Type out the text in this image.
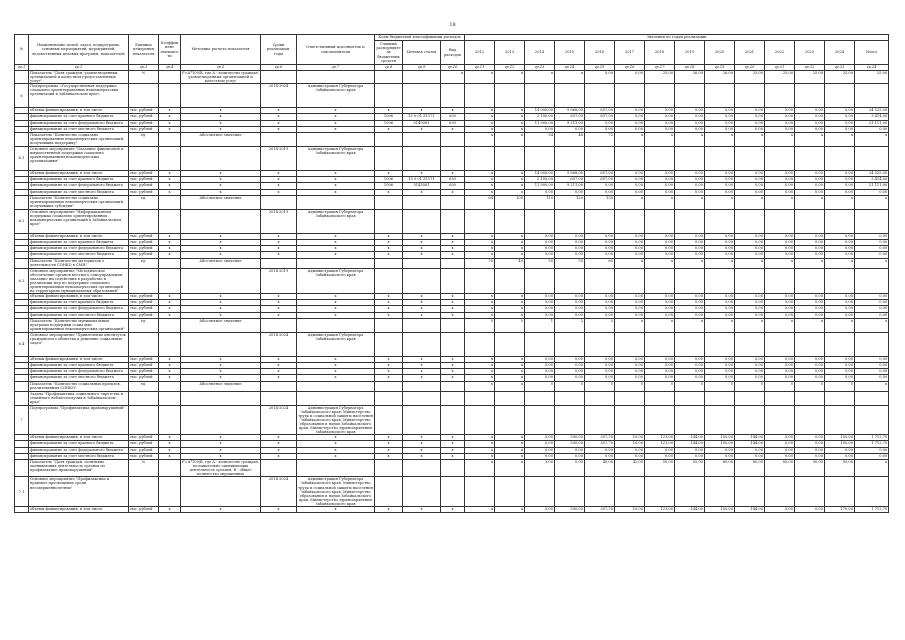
18
№	Наименование целей, задач, подпрограмм, основных мероприятий, мероприятий, ведомственных целевых программ, показателей	Единица измерения показателя	Коэффициент значимости	Методика расчета показателя	Сроки реализации, годы	Ответственный исполнитель и соисполнители	Коды бюджетной классификации расходов			Значения по годам реализации														
							Главный распорядитель бюджетных средств	Целевая статья	Вид расходов	2012	2013	2014	2015	2016	2017	2018	2019	2020	2021	2022	2023	2024	Итого	
гр.1	гр.2	гр.3	гр.4	гр.5	гр.6	гр.7	гр.8	гр.9	гр.10	гр.11	гр.12	гр.13	гр.14	гр.15	гр.16	гр.17	гр.18	гр.19	гр.20	гр.21	гр.22	гр.23	гр.24	
	Показатель "Доля граждан, удовлетворенных организацией и качеством предоставленных услуг"	%		F=A*100/B, где A - количество граждан, удовлетворенных организацией и качеством услуг					x	x	x	x	x	0,00	0,00	25,00	26,00	26,00	25,00	25,00	25,00	25,00	25,00	
6	Подпрограмма «Государственная поддержка социально ориентированных некоммерческих организаций в Забайкальском крае»				2014-2024	Администрация Губернатора Забайкальского края																		
	объемы финансирования, в том числе	тыс. рублей	x	x	x	x	x	x	x	x	x	14 000,00	9 868,00	657,00	0,00	0,00	0,00	0,00	0,00	0,00	0,00	0,00	24 525,00	
	финансирование за счет краевого бюджета	тыс. рублей	x	x	x	x	1006	15 0 01 Z1171	630	x	x	2 100,00	657,00	657,00	0,00	0,00	0,00	0,00	0,00	0,00	0,00	0,00	3 414,00	
	финансирование за счет федерального бюджета	тыс. рублей	x	x	x	x	1006	5145081	630	x	x	11 900,00	9 211,00	0,00	0,00	0,00	0,00	0,00	0,00	0,00	0,00	0,00	21 111,00	
	финансирование за счет местного бюджета	тыс. рублей	x	x	x	x	x	x	x	x	x	0,00	0,00	0,00	0,00	0,00	0,00	0,00	0,00	0,00	0,00	0,00	0,00	
	Показатель "Количество социально ориентированных некоммерческих организаций, получивших поддержку"	ед.		Абсолютное значение						x	x	54	48	72	x	x	x	x	x	x	x	x	x	
6.1	Основное мероприятие "Оказание финансовой и имущественной поддержки социально ориентированным некоммерческим организациям"				2014-2019	Администрация Губернатора Забайкальского края																		
	объемы финансирования, в том числе	тыс. рублей	x	x	x	x	x	x	x	x	x	14 000,00	9 868,00	657,00	0,00	0,00	0,00	0,00	0,00	0,00	0,00	0,00	24 525,00	
	финансирование за счет краевого бюджета	тыс. рублей	x	x	x	x	1006	15 0 01 Z1171	630	x	x	2 100,00	657,00	657,00	0,00	0,00	0,00	0,00	0,00	0,00	0,00	0,00	3 414,00	
	финансирование за счет федерального бюджета	тыс. рублей	x	x	x	x	1006	5145081	630	x	x	11 900,00	9 211,00	0,00	0,00	0,00	0,00	0,00	0,00	0,00	0,00	0,00	21 111,00	
	финансирование за счет местного бюджета	тыс. рублей	x	x	x	x	x	x	x	x	x	0,00	0,00	0,00	0,00	0,00	0,00	0,00	0,00	0,00	0,00	0,00	0,00	
	Показатель "Количество социально ориентированных некоммерческих организаций, получивших субсидии"	ед.		Абсолютное значение						64	100	110	120	130	x	x	x	x	x	x	x	x	x	
6.2	Основное мероприятие "Информационная поддержка социально ориентированных некоммерческих организаций в Забайкальском крае"				2014-2019	Администрация Губернатора Забайкальского края																		
	объемы финансирования, в том числе	тыс. рублей	x	x	x	x	x	x	x	x	x	0,00	0,00	0,00	0,00	0,00	0,00	0,00	0,00	0,00	0,00	0,00	0,00	
	финансирование за счет краевого бюджета	тыс. рублей	x	x	x	x	x	x	x	x	x	0,00	0,00	0,00	0,00	0,00	0,00	0,00	0,00	0,00	0,00	0,00	0,00	
	финансирование за счет федерального бюджета	тыс. рублей	x	x	x	x	x	x	x	x	x	0,00	0,00	0,00	0,00	0,00	0,00	0,00	0,00	0,00	0,00	0,00	0,00	
	финансирование за счет местного бюджета	тыс. рублей	x	x	x	x	x	x	x	x	x	0,00	0,00	0,00	0,00	0,00	0,00	0,00	0,00	0,00	0,00	0,00	0,00	
	Показатель "Количество материалов о деятельности СОНКО в СМИ"	ед.		Абсолютное значение						70	40	50	55	60	x	x	x	x	x	x	x	x	x	
6.3	Основное мероприятие "Методическое обеспечение органов местного самоуправления, оказание им содействия в разработке и реализации мер по поддержке социально ориентированных некоммерческих организаций на территориях муниципальных образований"				2014-2019	Администрация Губернатора Забайкальского края																		
	объемы финансирования, в том числе	тыс. рублей	x	x	x	x	x	x	x	x	x	0,00	0,00	0,00	0,00	0,00	0,00	0,00	0,00	0,00	0,00	0,00	0,00	
	финансирование за счет краевого бюджета	тыс. рублей	x	x	x	x	x	x	x	x	x	0,00	0,00	0,00	0,00	0,00	0,00	0,00	0,00	0,00	0,00	0,00	0,00	
	финансирование за счет федерального бюджета	тыс. рублей	x	x	x	x	x	x	x	x	x	0,00	0,00	0,00	0,00	0,00	0,00	0,00	0,00	0,00	0,00	0,00	0,00	
	финансирование за счет местного бюджета	тыс. рублей	x	x	x	x	x	x	x	x	x	0,00	0,00	0,00	0,00	0,00	0,00	0,00	0,00	0,00	0,00	0,00	0,00	
	Показатель "Количество муниципальных программ поддержки социально ориентированных некоммерческих организаций"	ед.		Абсолютное значение						0	0	1	2	3	x	x	x	x	x	x	x	x	x	
6.4	Основное мероприятие "Привлечение институтов гражданского общества к решению социальных задач"				2014-2024	Администрация Губернатора Забайкальского края																		
	объемы финансирования, в том числе	тыс. рублей	x	x	x	x	x	x	x	x	x	0,00	0,00	0,00	0,00	0,00	0,00	0,00	0,00	0,00	0,00	0,00	0,00	
	финансирование за счет краевого бюджета	тыс. рублей	x	x	x	x	x	x	x	x	x	0,00	0,00	0,00	0,00	0,00	0,00	0,00	0,00	0,00	0,00	0,00	0,00	
	финансирование за счет федерального бюджета	тыс. рублей	x	x	x	x	x	x	x	x	x	0,00	0,00	0,00	0,00	0,00	0,00	0,00	0,00	0,00	0,00	0,00	0,00	
	финансирование за счет местного бюджета	тыс. рублей	x	x	x	x	x	x	x	x	x	0,00	0,00	0,00	0,00	0,00	0,00	0,00	0,00	0,00	0,00	0,00	0,00	
	Показатель "Количество социальных проектов, реализованных СОНКО"	ед.		Абсолютное значение						x	x	0	0	0	0	0	0	0	0	0	0	0	x	
	Задача "Профилактика социального сиротства и семейного неблагополучия в Забайкальском крае"																							
7	Подпрограмма "Профилактика правонарушений"				2014-2024	Администрация Губернатора Забайкальского края, Министерство труда и социальной защиты населения Забайкальского края, Министерство образования и науки Забайкальского края, Министерство здравоохранения Забайкальского края																		
	объемы финансирования, в том числе	тыс. рублей	x	x	x	x	x	x	x	x	x	0,00	500,00	357,70	10,00	121,00	144,00	150,00	144,00	0,00	0,00	150,00	1 712,70	
	финансирование за счет краевого бюджета	тыс. рублей	x	x	x	x	x	x	x	x	x	0,00	500,00	357,70	10,00	121,00	144,00	150,00	144,00	0,00	0,00	150,00	1 712,70	
	финансирование за счет федерального бюджета	тыс. рублей	x	x	x	x	x	x	x	x	x	0,00	0,00	0,00	0,00	0,00	0,00	0,00	0,00	0,00	0,00	0,00	0,00	
	финансирование за счет местного бюджета	тыс. рублей	x	x	x	x	x	x	x	x	x	0,00	0,00	0,00	0,00	0,00	0,00	0,00	0,00	0,00	0,00	0,00	0,00	
	Показатель "Доля граждан, позитивно оценивающих деятельность органов по профилактике правонарушений"	%		F=A*100/B, где A - количество граждан, положительно оценивающих деятельность органов, B - общее количество опрошенных						x	x	3,00	0,00	40,00	42,00	50,00	55,00	60,00	80,00	85,00	90,00	95,00	x	
7.1	Основное мероприятие "Профилактика и правовое просвещение среди несовершеннолетних"				2014-2024	Администрация Губернатора Забайкальского края, Министерство труда и социальной защиты населения Забайкальского края, Министерство образования и науки Забайкальского края, Министерство здравоохранения Забайкальского края																		
	объемы финансирования, в том числе	тыс. рублей	x	x	x	x	x	x	x	x	x	0,00	500,00	357,70	10,00	121,00	144,00	150,00	144,00	0,00	0,00	170,00	1 712,70	
